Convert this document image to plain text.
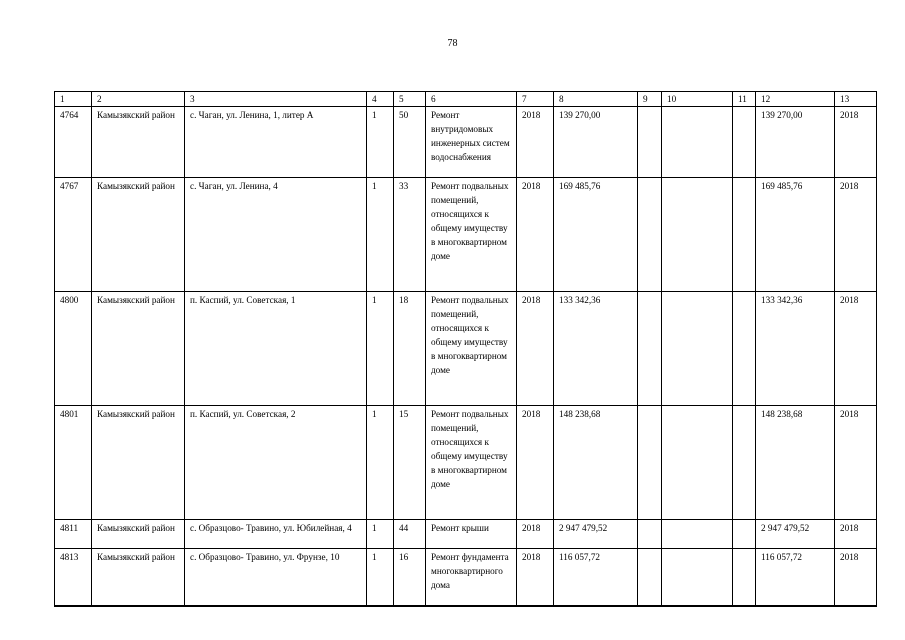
78
1	2	3	4	5	6	7	8	9	10	11	12	13
4764	Камызякский район	с. Чаган, ул. Ленина, 1, литер А	1	50	Ремонт внутридомовых инженерных систем водоснабжения	2018	139 270,00				139 270,00	2018
4767	Камызякский район	с. Чаган, ул. Ленина, 4	1	33	Ремонт подвальных помещений, относящихся к общему имуществу в многоквартирном доме	2018	169 485,76				169 485,76	2018
4800	Камызякский район	п. Каспий, ул. Советская, 1	1	18	Ремонт подвальных помещений, относящихся к общему имуществу в многоквартирном доме	2018	133 342,36				133 342,36	2018
4801	Камызякский район	п. Каспий, ул. Советская, 2	1	15	Ремонт подвальных помещений, относящихся к общему имуществу в многоквартирном доме	2018	148 238,68				148 238,68	2018
4811	Камызякский район	с. Образцово- Травино, ул. Юбилейная, 4	1	44	Ремонт крыши	2018	2 947 479,52				2 947 479,52	2018
4813	Камызякский район	с. Образцово- Травино, ул. Фрунзе, 10	1	16	Ремонт фундамента многоквартирного дома	2018	116 057,72				116 057,72	2018
